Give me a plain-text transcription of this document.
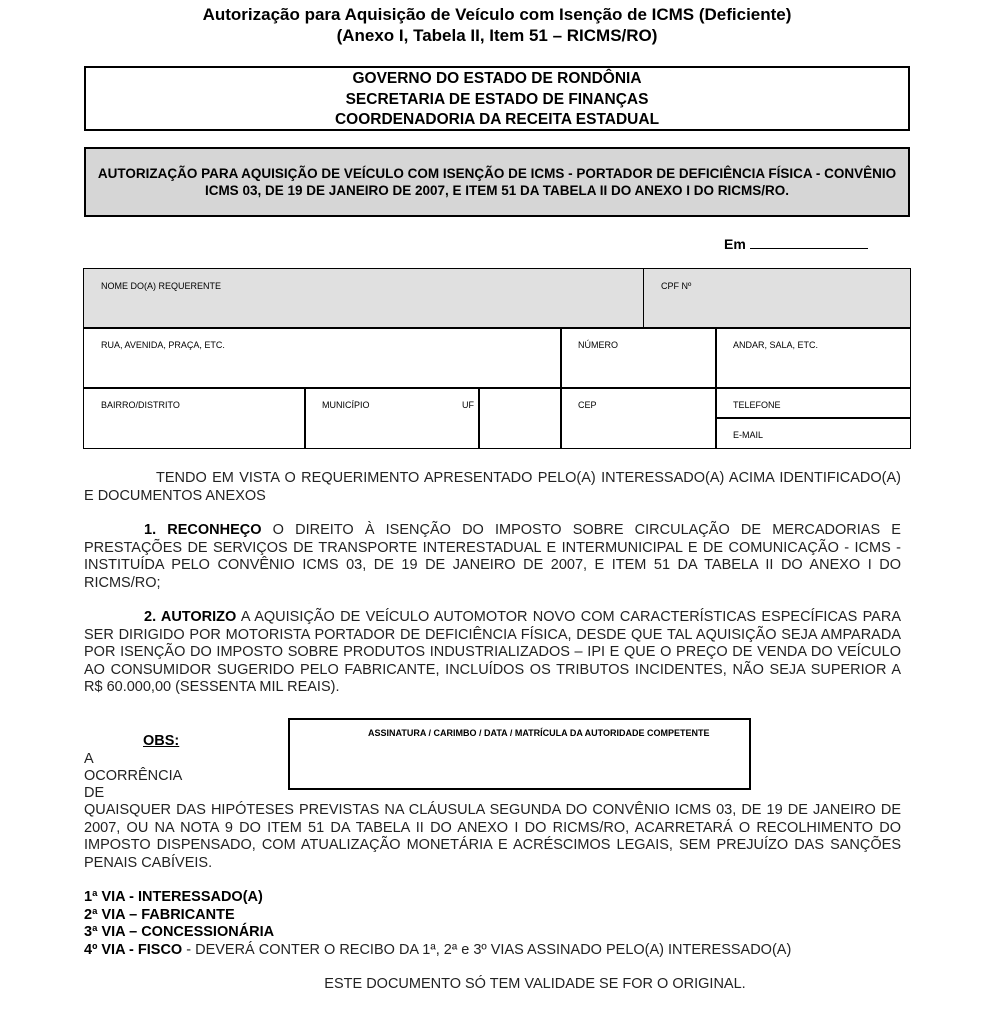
Autorização para Aquisição de Veículo com Isenção de ICMS (Deficiente)
(Anexo I, Tabela II, Item 51 – RICMS/RO)
GOVERNO DO ESTADO DE RONDÔNIA
SECRETARIA DE ESTADO DE FINANÇAS
COORDENADORIA DA RECEITA ESTADUAL
AUTORIZAÇÃO PARA AQUISIÇÃO DE VEÍCULO COM ISENÇÃO DE ICMS - PORTADOR DE DEFICIÊNCIA FÍSICA - CONVÊNIO ICMS 03, DE 19 DE JANEIRO DE 2007, E ITEM 51 DA TABELA II DO ANEXO I DO RICMS/RO.
Em
NOME DO(A) REQUERENTE	CPF Nº
RUA, AVENIDA, PRAÇA, ETC.	NÚMERO	ANDAR, SALA, ETC.
BAIRRO/DISTRITO	MUNICÍPIO	UF	CEP	TELEFONE
E-MAIL
TENDO EM VISTA O REQUERIMENTO APRESENTADO PELO(A) INTERESSADO(A) ACIMA IDENTIFICADO(A) E DOCUMENTOS ANEXOS
1. RECONHEÇO O DIREITO À ISENÇÃO DO IMPOSTO SOBRE CIRCULAÇÃO DE MERCADORIAS E PRESTAÇÕES DE SERVIÇOS DE TRANSPORTE INTERESTADUAL E INTERMUNICIPAL E DE COMUNICAÇÃO - ICMS - INSTITUÍDA PELO CONVÊNIO ICMS 03, DE 19 DE JANEIRO DE 2007, E ITEM 51 DA TABELA II DO ANEXO I DO RICMS/RO;
2. AUTORIZO A AQUISIÇÃO DE VEÍCULO AUTOMOTOR NOVO COM CARACTERÍSTICAS ESPECÍFICAS PARA SER DIRIGIDO POR MOTORISTA PORTADOR DE DEFICIÊNCIA FÍSICA, DESDE QUE TAL AQUISIÇÃO SEJA AMPARADA POR ISENÇÃO DO IMPOSTO SOBRE PRODUTOS INDUSTRIALIZADOS – IPI E QUE O PREÇO DE VENDA DO VEÍCULO AO CONSUMIDOR SUGERIDO PELO FABRICANTE, INCLUÍDOS OS TRIBUTOS INCIDENTES, NÃO SEJA SUPERIOR A R$ 60.000,00 (SESSENTA MIL REAIS).
ASSINATURA / CARIMBO / DATA / MATRÍCULA DA AUTORIDADE COMPETENTE
OBS:
A
OCORRÊNCIA
DE
QUAISQUER DAS HIPÓTESES PREVISTAS NA CLÁUSULA SEGUNDA DO CONVÊNIO ICMS 03, DE 19 DE JANEIRO DE 2007, OU NA NOTA 9 DO ITEM 51 DA TABELA II DO ANEXO I DO RICMS/RO, ACARRETARÁ O RECOLHIMENTO DO IMPOSTO DISPENSADO, COM ATUALIZAÇÃO MONETÁRIA E ACRÉSCIMOS LEGAIS, SEM PREJUÍZO DAS SANÇÕES PENAIS CABÍVEIS.
1ª VIA - INTERESSADO(A)
2ª VIA – FABRICANTE
3ª VIA – CONCESSIONÁRIA
4º VIA - FISCO - DEVERÁ CONTER O RECIBO DA 1ª, 2ª e 3º VIAS ASSINADO PELO(A) INTERESSADO(A)
ESTE DOCUMENTO SÓ TEM VALIDADE SE FOR O ORIGINAL.
